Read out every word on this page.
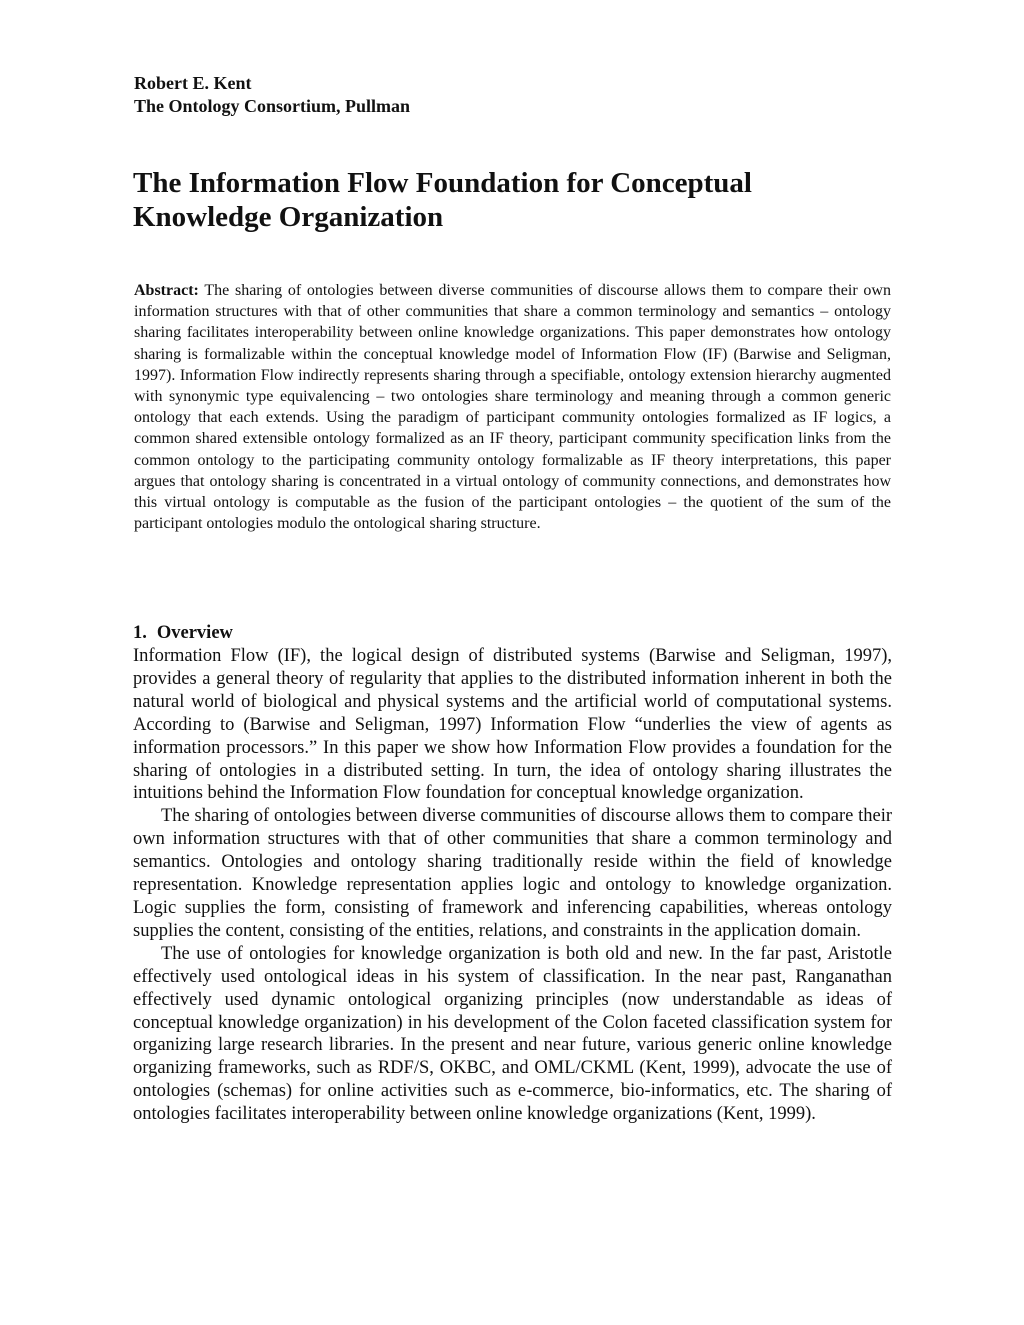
Robert E. Kent
The Ontology Consortium, Pullman
The Information Flow Foundation for Conceptual Knowledge Organization

Abstract: The sharing of ontologies between diverse communities of discourse allows them to compare their own information structures with that of other communities that share a common terminology and semantics – ontology sharing facilitates interoperability between online knowledge organizations. This paper demonstrates how ontology sharing is formalizable within the conceptual knowledge model of Information Flow (IF) (Barwise and Seligman, 1997). Information Flow indirectly represents sharing through a specifiable, ontology extension hierarchy augmented with synonymic type equivalencing – two ontologies share terminology and meaning through a common generic ontology that each extends. Using the paradigm of participant community ontologies formalized as IF logics, a common shared extensible ontology formalized as an IF theory, participant community specification links from the common ontology to the participating community ontology formalizable as IF theory interpretations, this paper argues that ontology sharing is concentrated in a virtual ontology of community connections, and demonstrates how this virtual ontology is computable as the fusion of the participant ontologies – the quotient of the sum of the participant ontologies modulo the ontological sharing structure.

1. Overview

Information Flow (IF), the logical design of distributed systems (Barwise and Seligman, 1997), provides a general theory of regularity that applies to the distributed information inherent in both the natural world of biological and physical systems and the artificial world of computational systems. According to (Barwise and Seligman, 1997) Information Flow “underlies the view of agents as information processors.” In this paper we show how Information Flow provides a foundation for the sharing of ontologies in a distributed setting. In turn, the idea of ontology sharing illustrates the intuitions behind the Information Flow foundation for conceptual knowledge organization.

The sharing of ontologies between diverse communities of discourse allows them to compare their own information structures with that of other communities that share a common terminology and semantics. Ontologies and ontology sharing traditionally reside within the field of knowledge representation. Knowledge representation applies logic and ontology to knowledge organization. Logic supplies the form, consisting of framework and inferencing capabilities, whereas ontology supplies the content, consisting of the entities, relations, and constraints in the application domain.

The use of ontologies for knowledge organization is both old and new. In the far past, Aristotle effectively used ontological ideas in his system of classification. In the near past, Ranganathan effectively used dynamic ontological organizing principles (now understandable as ideas of conceptual knowledge organization) in his development of the Colon faceted classification system for organizing large research libraries. In the present and near future, various generic online knowledge organizing frameworks, such as RDF/S, OKBC, and OML/CKML (Kent, 1999), advocate the use of ontologies (schemas) for online activities such as e-commerce, bio-informatics, etc. The sharing of ontologies facilitates interoperability between online knowledge organizations (Kent, 1999).
